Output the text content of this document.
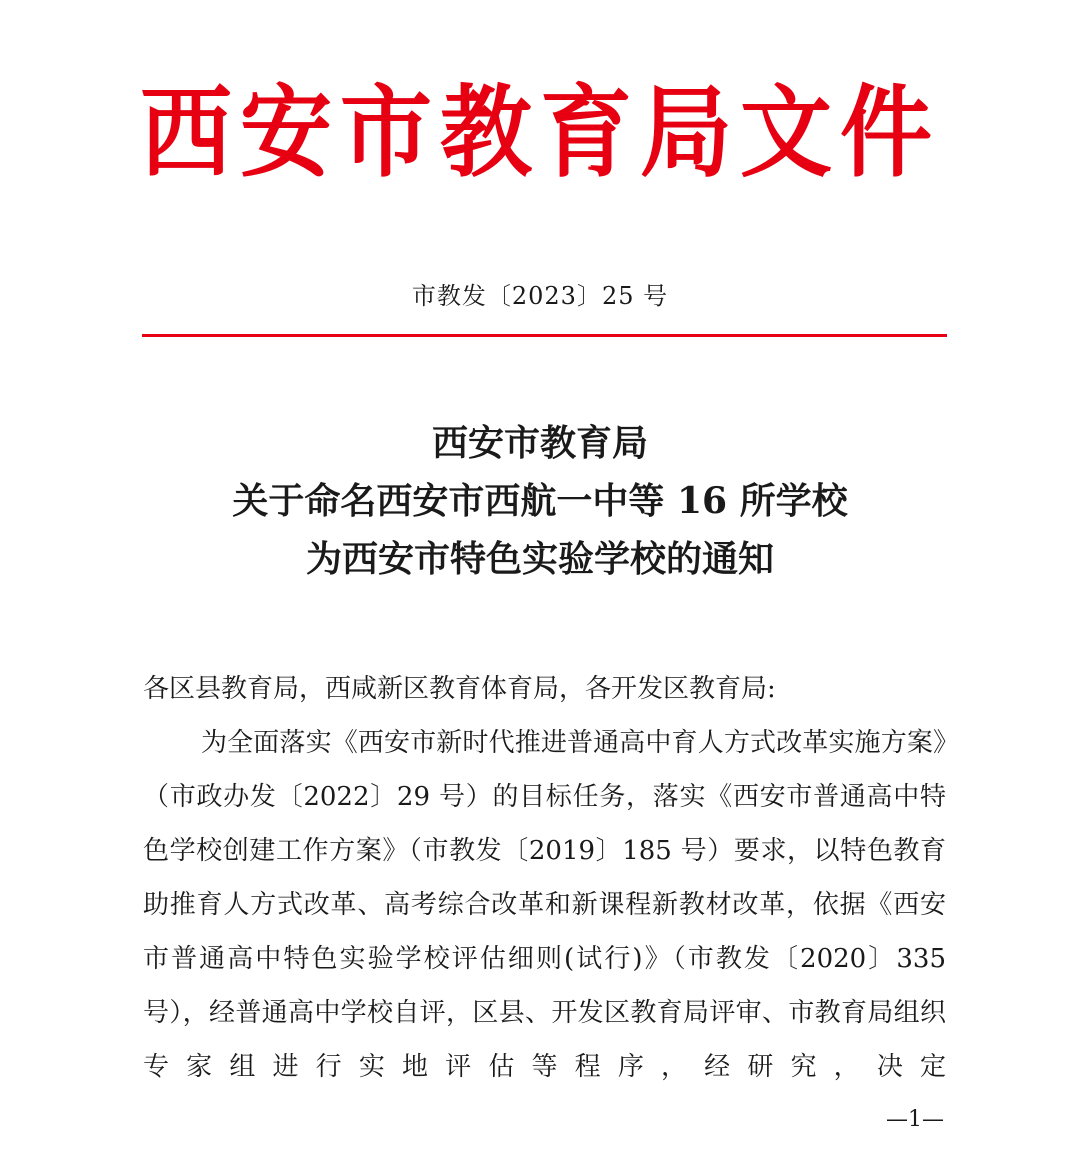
西安市教育局文件
市教发〔2023〕25 号
西安市教育局
关于命名西安市西航一中等 16 所学校
为西安市特色实验学校的通知
各区县教育局，西咸新区教育体育局，各开发区教育局:
为全面落实《西安市新时代推进普通高中育人方式改革实施方案》（市政办发〔2022〕29 号）的目标任务，落实《西安市普通高中特色学校创建工作方案》（市教发〔2019〕185 号）要求，以特色教育助推育人方式改革、高考综合改革和新课程新教材改革，依据《西安市普通高中特色实验学校评估细则(试行)》（市教发〔2020〕335 号），经普通高中学校自评，区县、开发区教育局评审、市教育局组织专家组进行实地评估等程序，经研究，决定
—1—
